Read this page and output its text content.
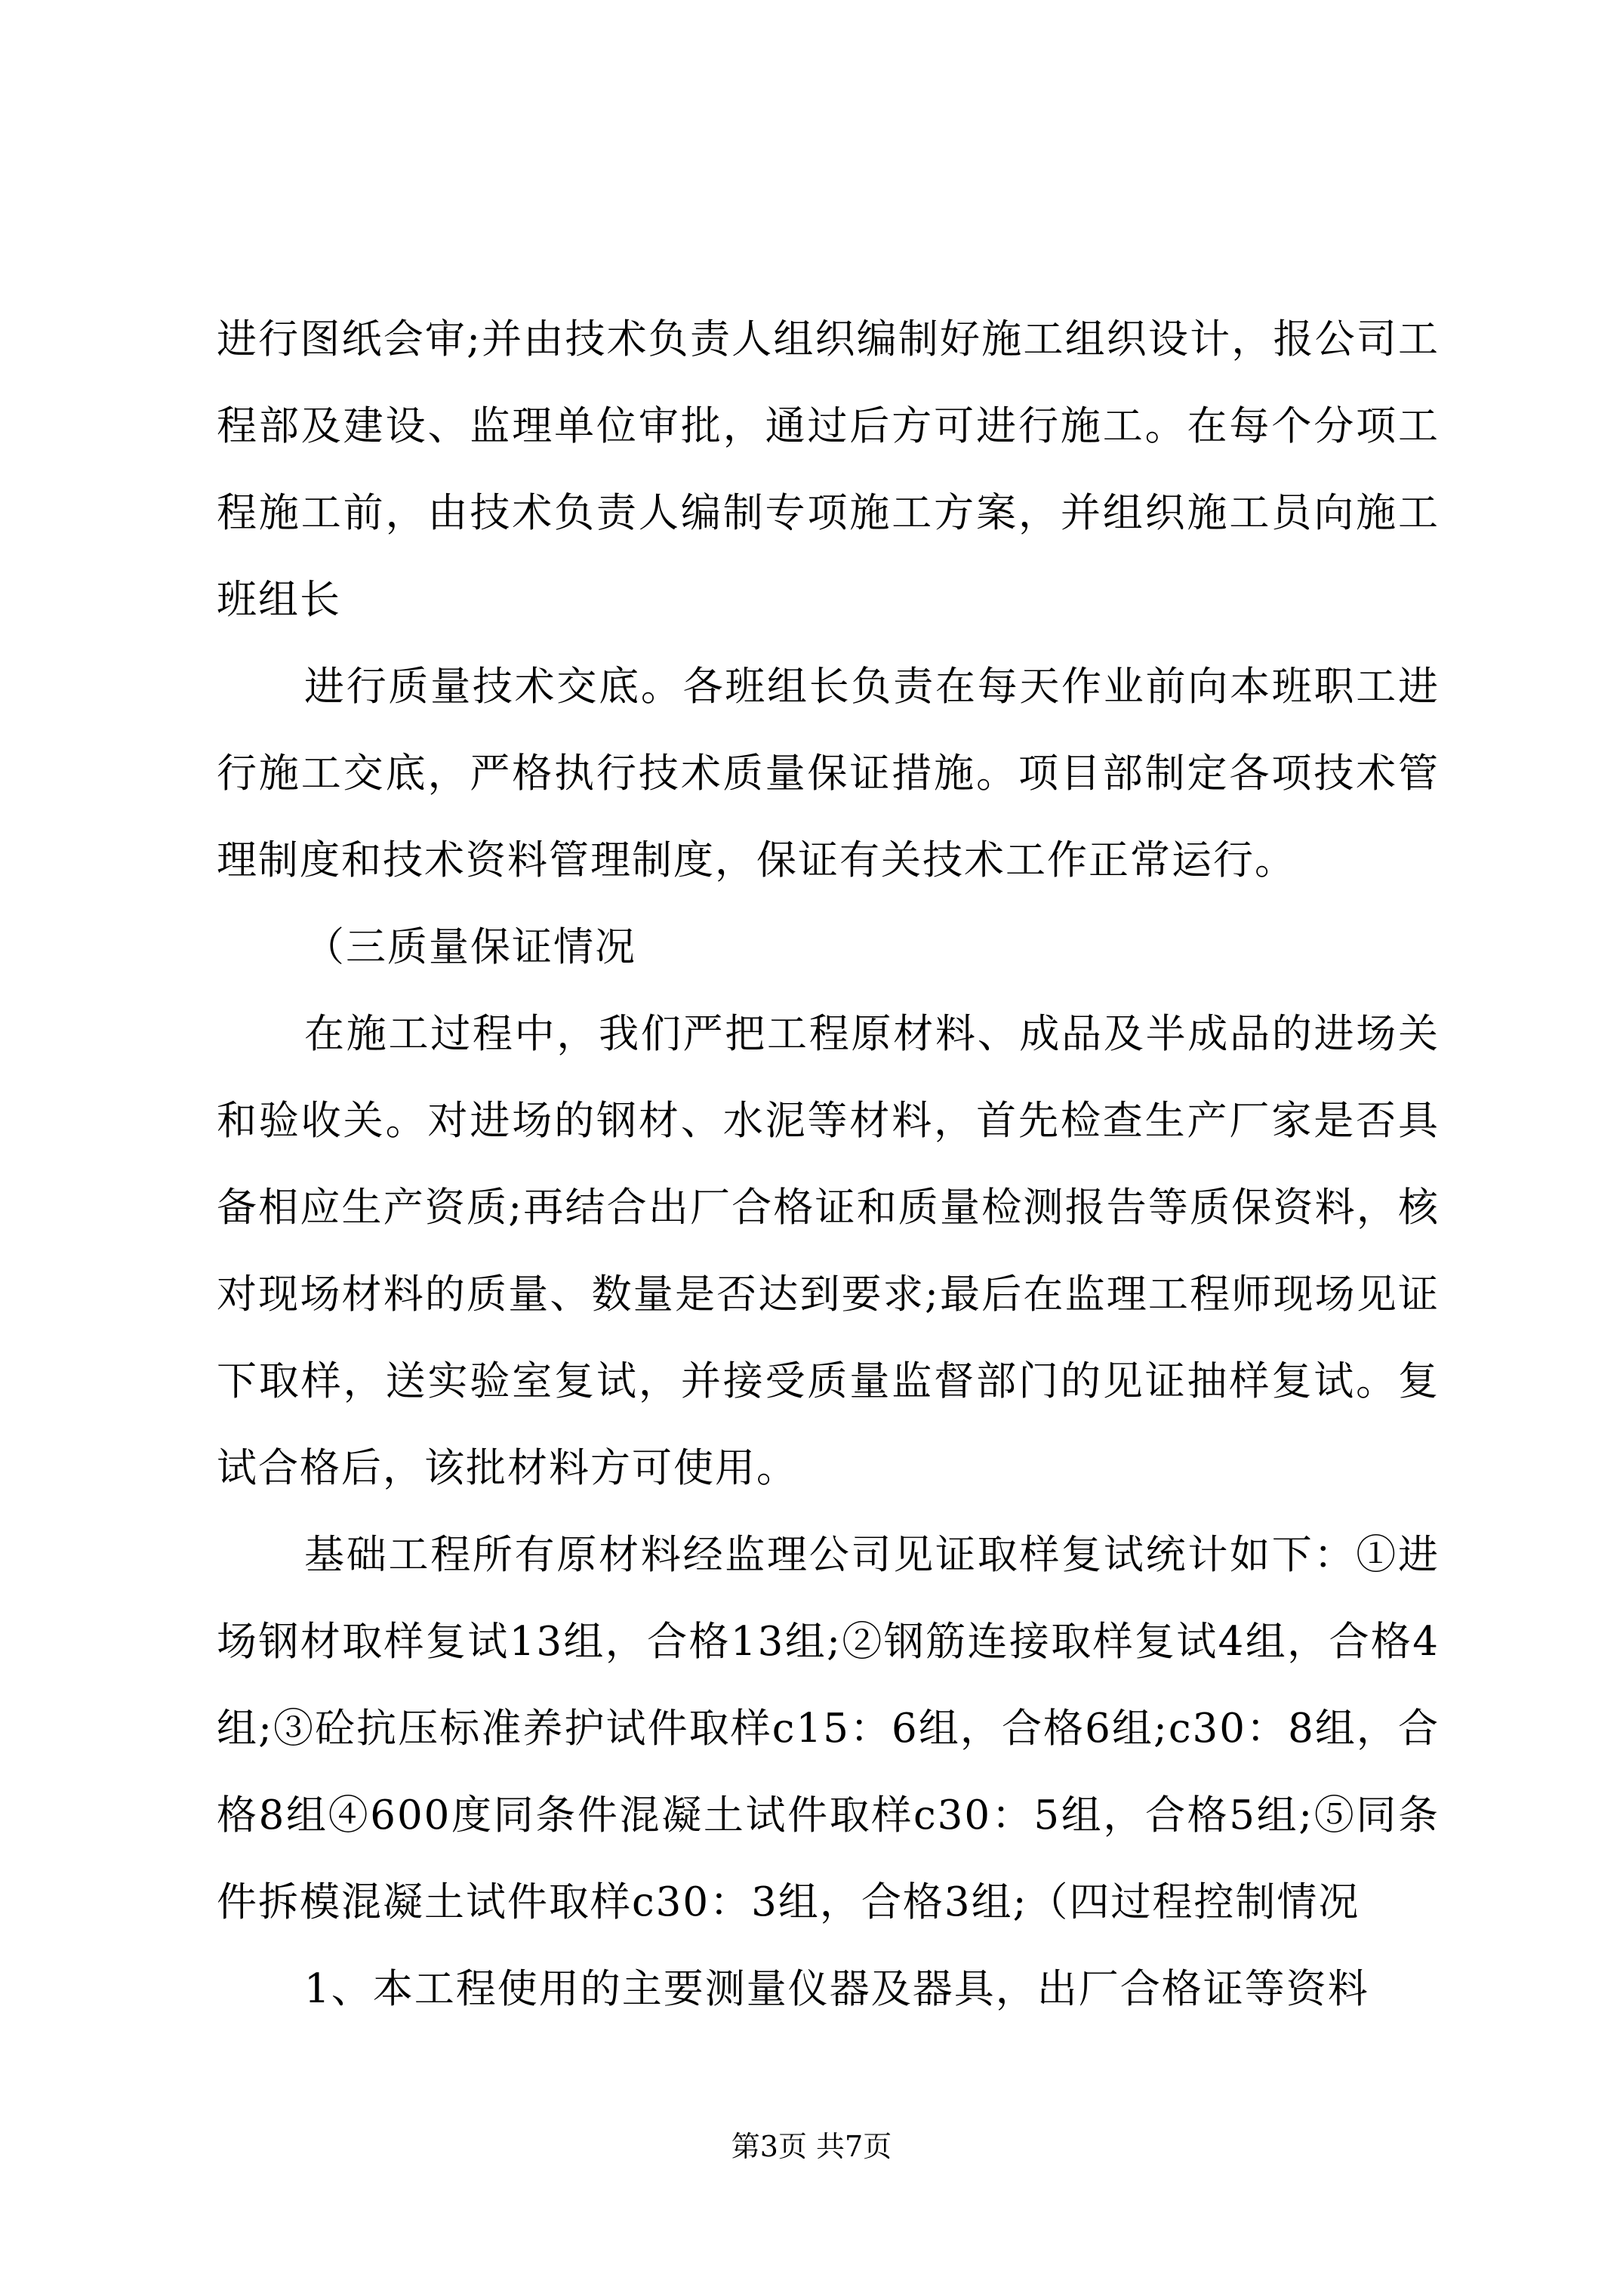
进行图纸会审;并由技术负责人组织编制好施工组织设计，报公司工程部及建设、监理单位审批，通过后方可进行施工。在每个分项工程施工前，由技术负责人编制专项施工方案，并组织施工员向施工班组长

进行质量技术交底。各班组长负责在每天作业前向本班职工进行施工交底，严格执行技术质量保证措施。项目部制定各项技术管理制度和技术资料管理制度，保证有关技术工作正常运行。

（三质量保证情况

在施工过程中，我们严把工程原材料、成品及半成品的进场关和验收关。对进场的钢材、水泥等材料，首先检查生产厂家是否具备相应生产资质;再结合出厂合格证和质量检测报告等质保资料，核对现场材料的质量、数量是否达到要求;最后在监理工程师现场见证下取样，送实验室复试，并接受质量监督部门的见证抽样复试。复试合格后，该批材料方可使用。

基础工程所有原材料经监理公司见证取样复试统计如下：①进场钢材取样复试13组，合格13组;②钢筋连接取样复试4组，合格4组;③砼抗压标准养护试件取样c15：6组，合格6组;c30：8组，合格8组④600度同条件混凝土试件取样c30：5组，合格5组;⑤同条件拆模混凝土试件取样c30：3组，合格3组;（四过程控制情况

1、本工程使用的主要测量仪器及器具，出厂合格证等资料

第3页 共7页
